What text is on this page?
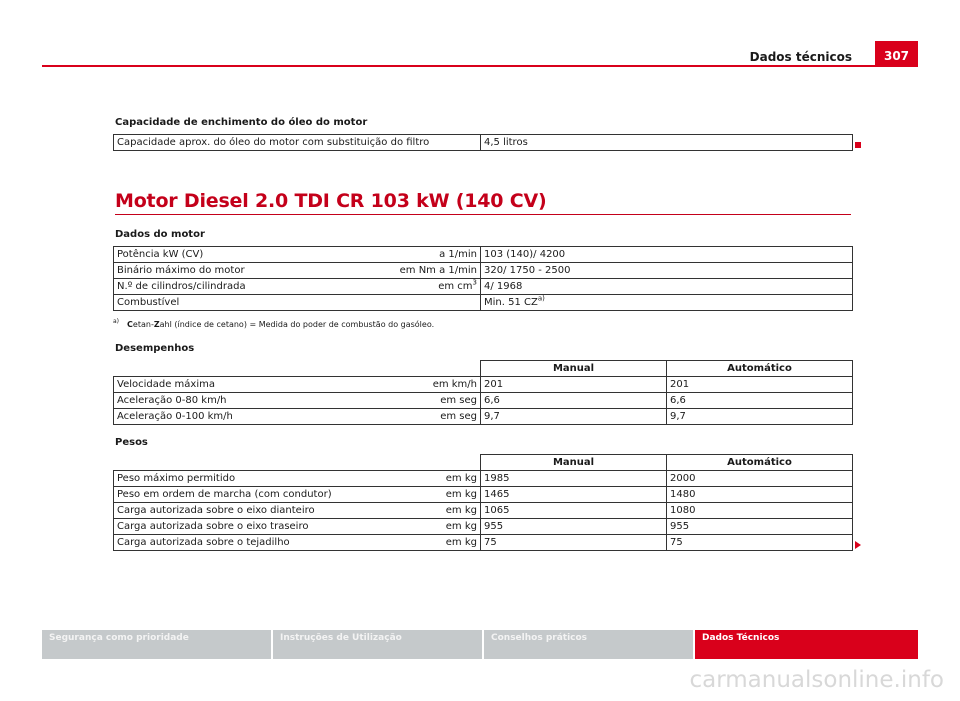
Dados técnicos	307
Capacidade de enchimento do óleo do motor
Capacidade aprox. do óleo do motor com substituição do filtro	4,5 litros
Motor Diesel 2.0 TDI CR 103 kW (140 CV)
Dados do motor
Potência kW (CV) a 1/min	103 (140)/ 4200
Binário máximo do motor em Nm a 1/min	320/ 1750 - 2500
N.º de cilindros/cilindrada em $cm^3$	4/ 1968
Combustível	Min. 51 CZ$^{a)}$
$^{a)}$ Cetan-Zahl (índice de cetano) = Medida do poder de combustão do gasóleo.
Desempenhos
	Manual	Automático
Velocidade máxima em km/h	201	201
Aceleração 0-80 km/h em seg	6,6	6,6
Aceleração 0-100 km/h em seg	9,7	9,7
Pesos
	Manual	Automático
Peso máximo permitido em kg	1985	2000
Peso em ordem de marcha (com condutor) em kg	1465	1480
Carga autorizada sobre o eixo dianteiro em kg	1065	1080
Carga autorizada sobre o eixo traseiro em kg	955	955
Carga autorizada sobre o tejadilho em kg	75	75
Segurança como prioridade	Instruções de Utilização	Conselhos práticos	Dados Técnicos
carmanualsonline.info
